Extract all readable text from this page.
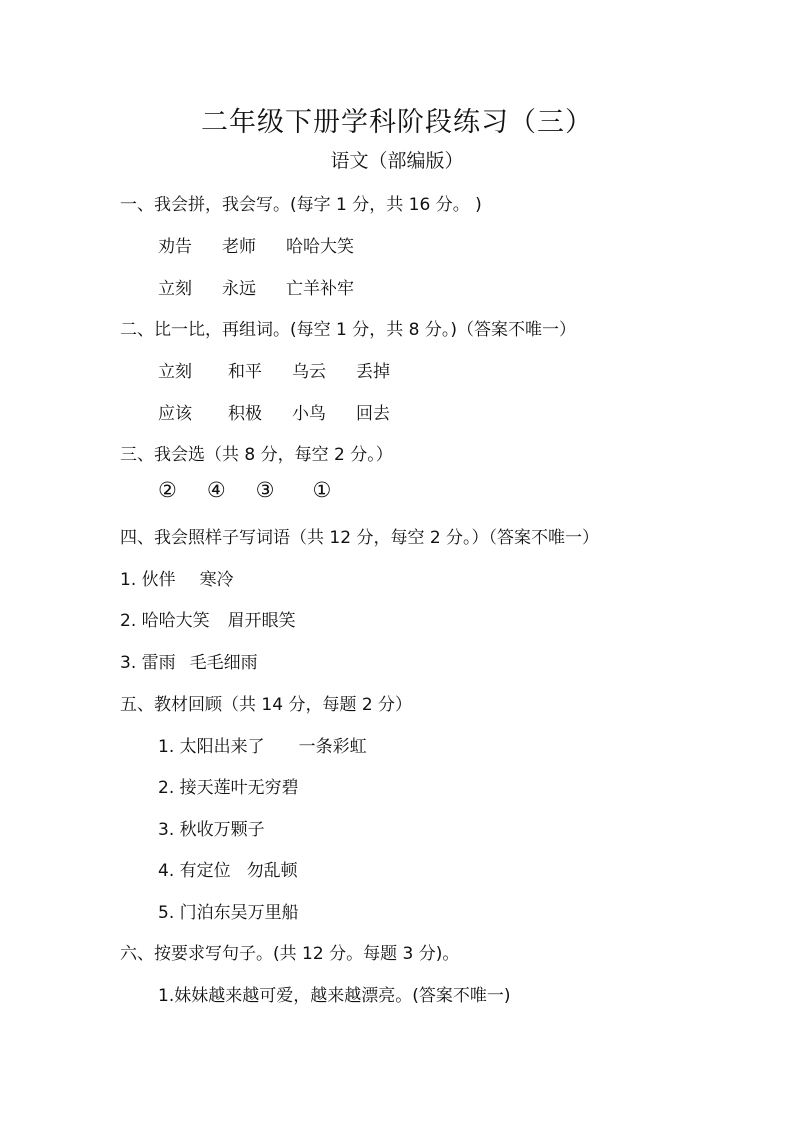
二年级下册学科阶段练习（三）
语文（部编版）
一、我会拼，我会写。(每字 1 分，共 16 分。 )
劝告 老师 哈哈大笑
立刻 永远 亡羊补牢
二、比一比，再组词。(每空 1 分，共 8 分。)（答案不唯一）
立刻 和平 乌云 丢掉
应该 积极 小鸟 回去
三、我会选（共 8 分，每空 2 分。）
② ④ ③ ①
四、我会照样子写词语（共 12 分，每空 2 分。）（答案不唯一）
1. 伙伴 寒冷
2. 哈哈大笑 眉开眼笑
3. 雷雨 毛毛细雨
五、教材回顾（共 14 分，每题 2 分）
1. 太阳出来了 一条彩虹
2. 接天莲叶无穷碧
3. 秋收万颗子
4. 有定位 勿乱顿
5. 门泊东吴万里船
六、按要求写句子。(共 12 分。每题 3 分)。
1.妹妹越来越可爱，越来越漂亮。(答案不唯一)
